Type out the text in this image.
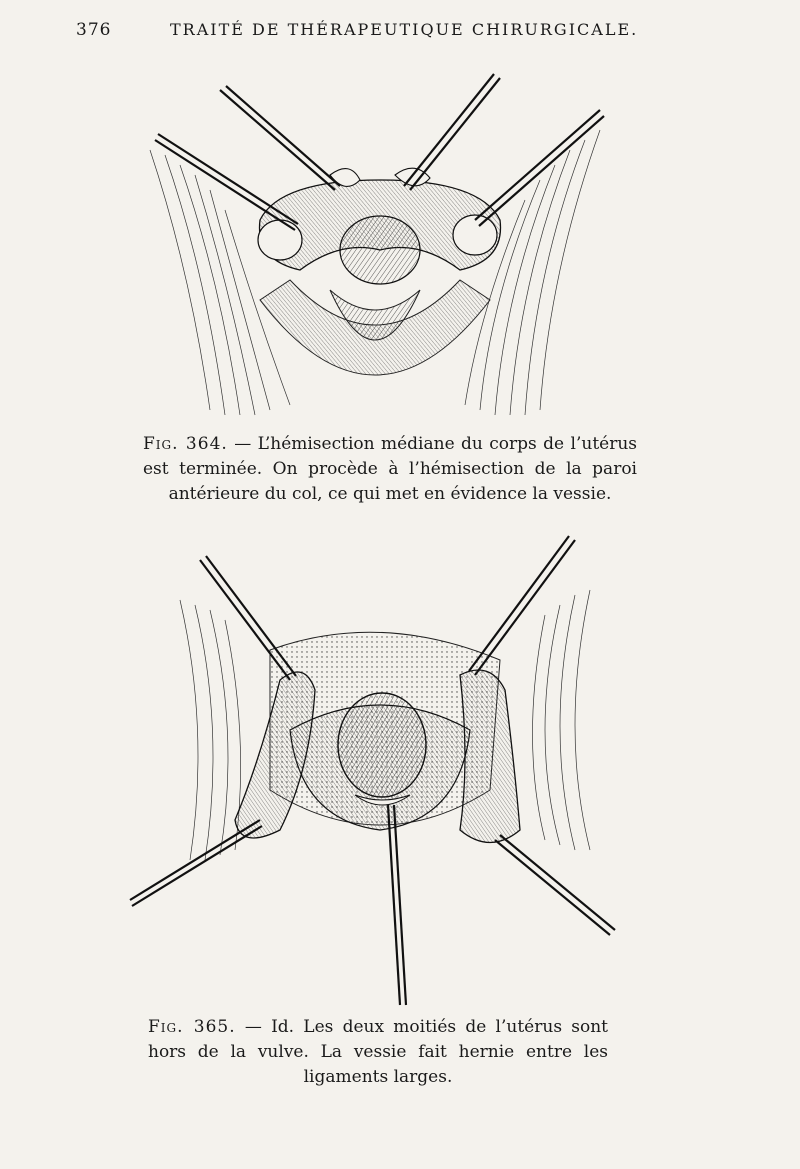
376	TRAITÉ DE THÉRAPEUTIQUE CHIRURGICALE.
Fig. 364. — L’hémisection médiane du corps de l’utérus est terminée. On procède à l’hémisection de la paroi antérieure du col, ce qui met en évidence la vessie.
Fig. 365. — Id. Les deux moitiés de l’utérus sont hors de la vulve. La vessie fait hernie entre les ligaments larges.
